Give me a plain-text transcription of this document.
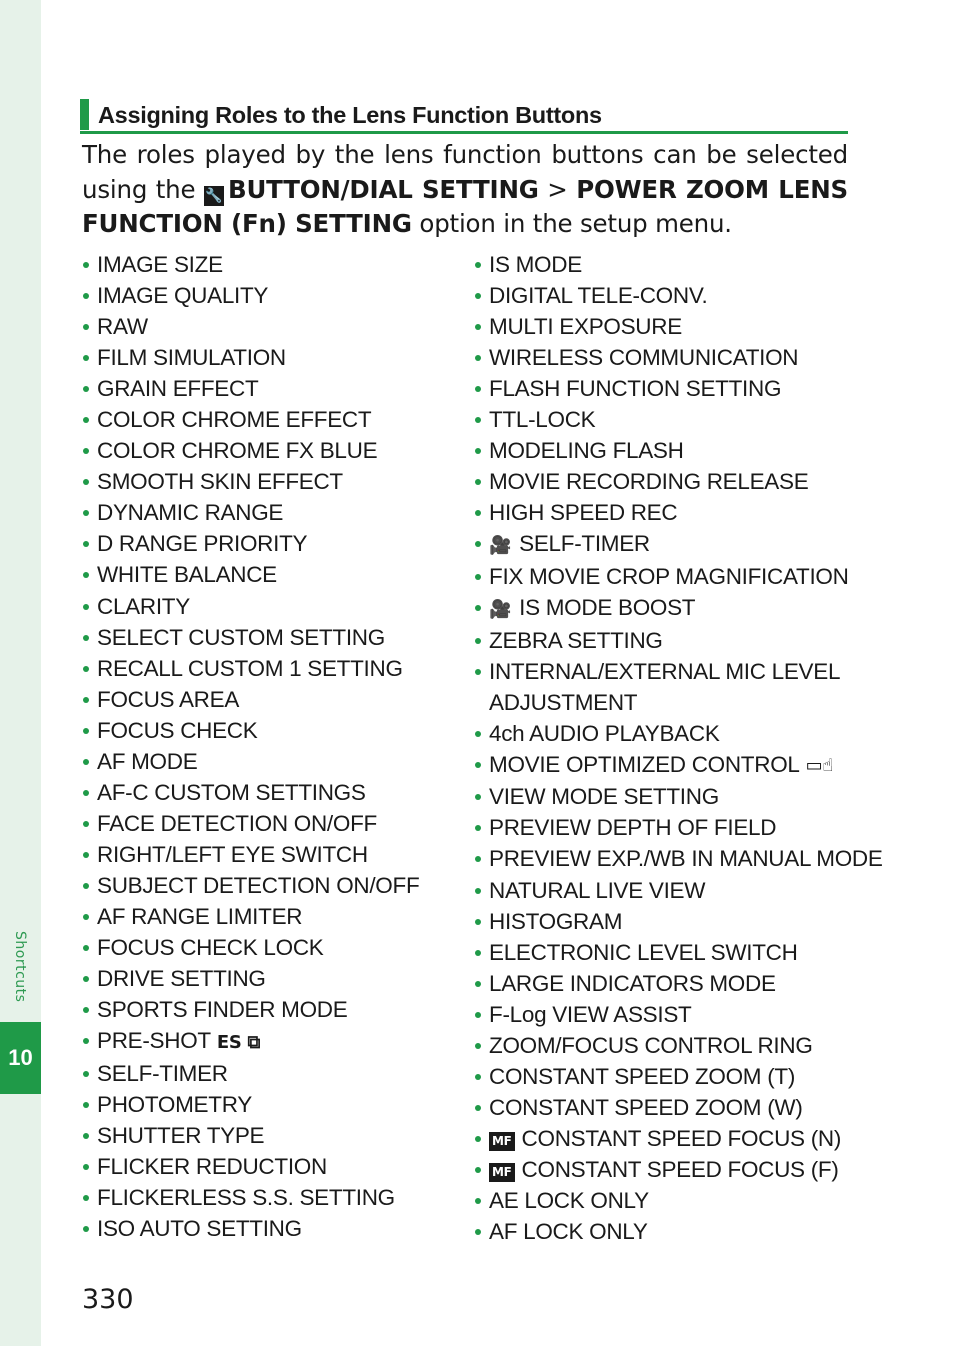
Shortcuts
10
Assigning Roles to the Lens Function Buttons
The roles played by the lens function buttons can be selected using the 🔧 BUTTON/DIAL SETTING > POWER ZOOM LENS FUNCTION (Fn) SETTING option in the setup menu.
IMAGE SIZE
IMAGE QUALITY
RAW
FILM SIMULATION
GRAIN EFFECT
COLOR CHROME EFFECT
COLOR CHROME FX BLUE
SMOOTH SKIN EFFECT
DYNAMIC RANGE
D RANGE PRIORITY
WHITE BALANCE
CLARITY
SELECT CUSTOM SETTING
RECALL CUSTOM 1 SETTING
FOCUS AREA
FOCUS CHECK
AF MODE
AF-C CUSTOM SETTINGS
FACE DETECTION ON/OFF
RIGHT/LEFT EYE SWITCH
SUBJECT DETECTION ON/OFF
AF RANGE LIMITER
FOCUS CHECK LOCK
DRIVE SETTING
SPORTS FINDER MODE
PRE-SHOT ES ⧉
SELF-TIMER
PHOTOMETRY
SHUTTER TYPE
FLICKER REDUCTION
FLICKERLESS S.S. SETTING
ISO AUTO SETTING
IS MODE
DIGITAL TELE-CONV.
MULTI EXPOSURE
WIRELESS COMMUNICATION
FLASH FUNCTION SETTING
TTL-LOCK
MODELING FLASH
MOVIE RECORDING RELEASE
HIGH SPEED REC
🎥 SELF-TIMER
FIX MOVIE CROP MAGNIFICATION
🎥 IS MODE BOOST
ZEBRA SETTING
INTERNAL/EXTERNAL MIC LEVEL
ADJUSTMENT
4ch AUDIO PLAYBACK
MOVIE OPTIMIZED CONTROL ▭☝
VIEW MODE SETTING
PREVIEW DEPTH OF FIELD
PREVIEW EXP./WB IN MANUAL MODE
NATURAL LIVE VIEW
HISTOGRAM
ELECTRONIC LEVEL SWITCH
LARGE INDICATORS MODE
F-Log VIEW ASSIST
ZOOM/FOCUS CONTROL RING
CONSTANT SPEED ZOOM (T)
CONSTANT SPEED ZOOM (W)
MF CONSTANT SPEED FOCUS (N)
MF CONSTANT SPEED FOCUS (F)
AE LOCK ONLY
AF LOCK ONLY
330
